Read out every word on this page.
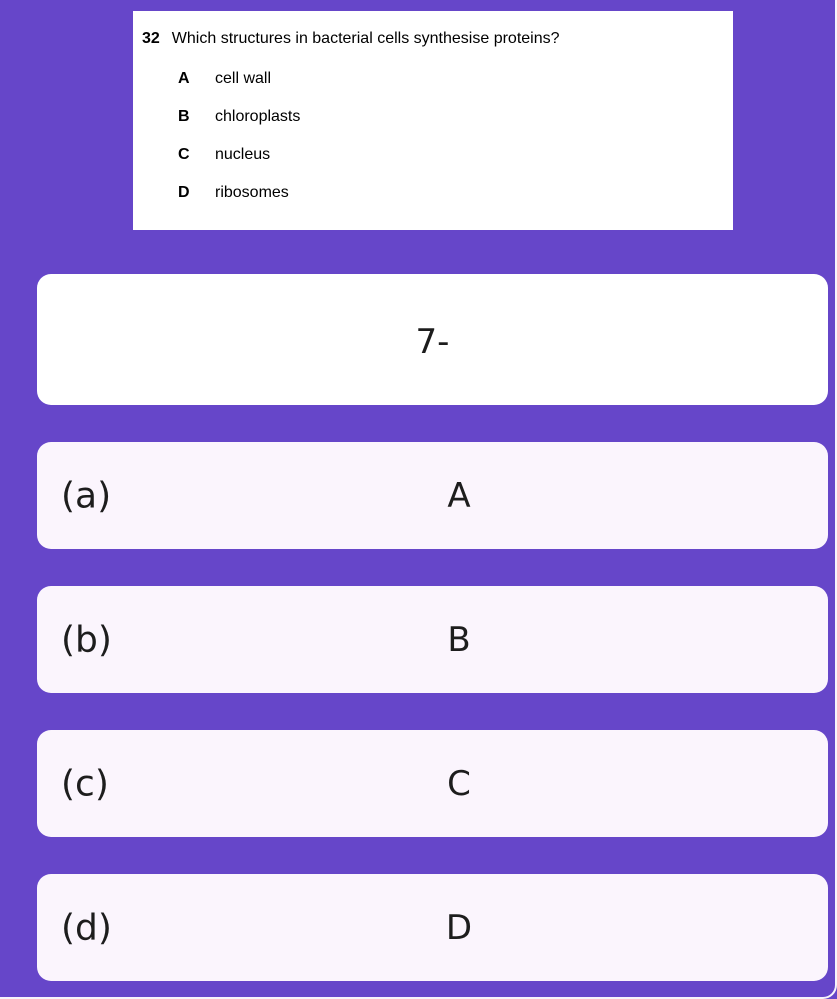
32 Which structures in bacterial cells synthesise proteins?
A cell wall
B chloroplasts
C nucleus
D ribosomes
7-
(a)	A
(b)	B
(c)	C
(d)	D
